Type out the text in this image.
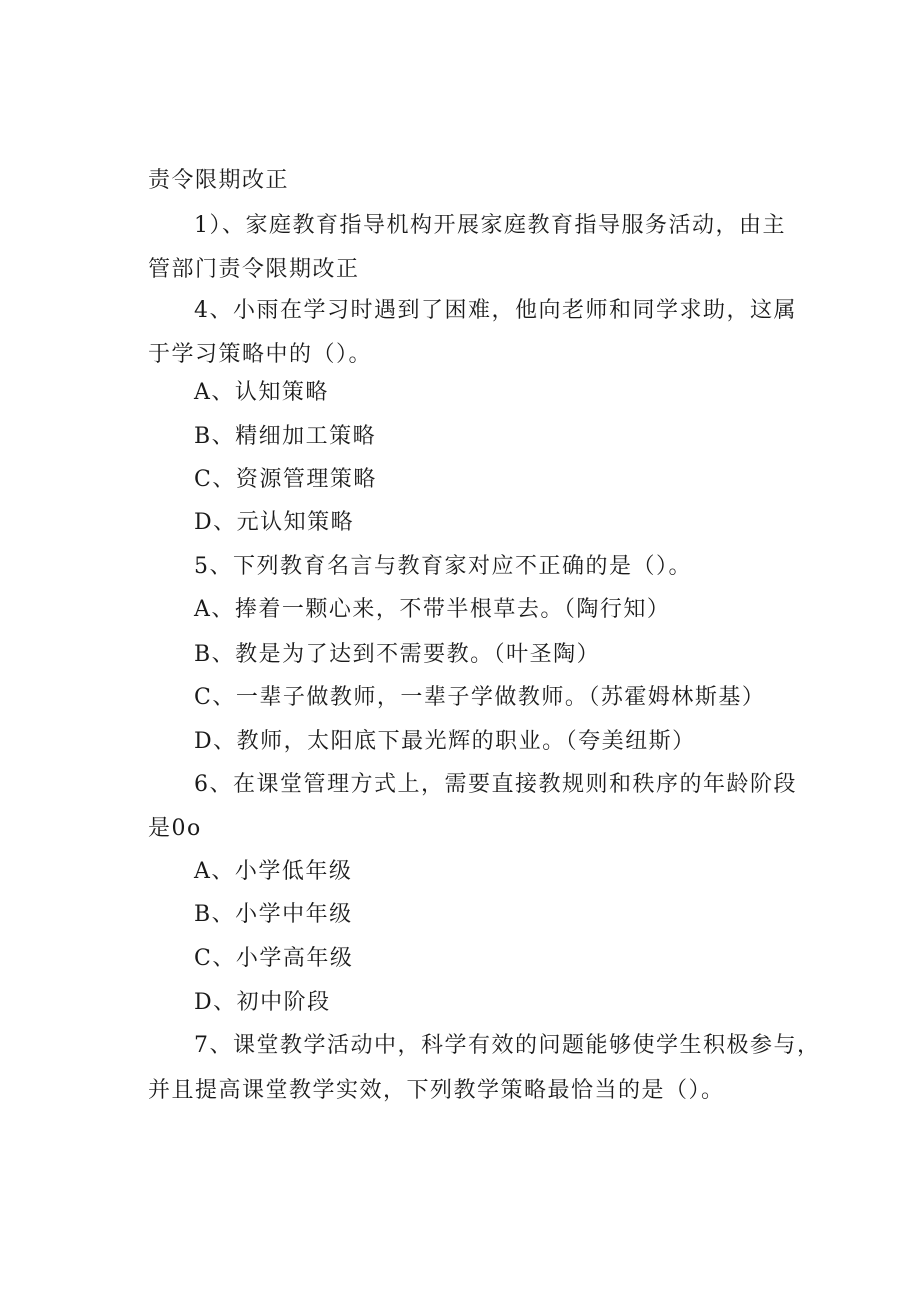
责令限期改正
1）、家庭教育指导机构开展家庭教育指导服务活动，由主
管部门责令限期改正
4、小雨在学习时遇到了困难，他向老师和同学求助，这属
于学习策略中的（）。
A、认知策略
B、精细加工策略
C、资源管理策略
D、元认知策略
5、下列教育名言与教育家对应不正确的是（）。
A、捧着一颗心来，不带半根草去。（陶行知）
B、教是为了达到不需要教。（叶圣陶）
C、一辈子做教师，一辈子学做教师。（苏霍姆林斯基）
D、教师，太阳底下最光辉的职业。（夸美纽斯）
6、在课堂管理方式上，需要直接教规则和秩序的年龄阶段
是0o
A、小学低年级
B、小学中年级
C、小学高年级
D、初中阶段
7、课堂教学活动中，科学有效的问题能够使学生积极参与，
并且提高课堂教学实效，下列教学策略最恰当的是（）。
